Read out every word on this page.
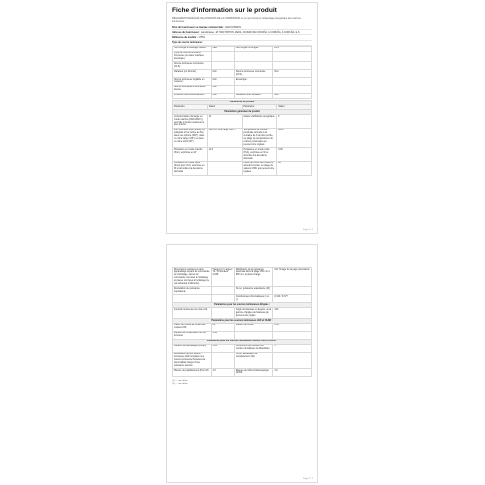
Fiche d'information sur le produit
RÈGLEMENT DÉLÉGUÉ (UE) 2019/2015 DE LA COMMISSION en ce qui concerne l'étiquetage énergétique des sources lumineuses
Nom du fournisseur ou marque commerciale : LED-KOSMOS
Adresse du fournisseur : Landstrasse, 18 7000 HIRTON, ZEDA, CIUDAD DE CORUÑA, A CORUÑA, A CORUÑA, E.S
Référence du modèle : 17551
Type de source lumineuse :
Technologie d'éclairage utilisée :	LED	Non dirigée ou dirigée :	DLS
Type de culot de la source lumineuse (ou autre interface électrique)			
Source lumineuse connectée (CLS) :			
Variateur (en dimmer) :	Non	Source lumineuse connectée (CLS) :	Non
Source lumineuse réglable en couleurs :	Non	Enveloppe :	
Source lumineuse à luminance élevée :	Non		
Protection anti-éblouissement :	Non	Utilisation avec variateur :	Non
Paramètres du produit			
Paramètre	Valeur	Paramètre	Valeur
Paramètres généraux du produit			
Consommation d'énergie en mode marche (kWh/1000 h), arrondie à l'entier supérieur le plus proche	11	Classe d'efficacité énergétique	F
Flux lumineux utile (Φutile), en indiquant s'il se réfère au flux dans une sphère (360°), dans un cône large (120°) ou dans un cône étroit (90°)	1410 en cône large (120°)	Température de couleur proximale arrondie à la centaine de K la plus proche, ou plage de températures de couleur proximales qui peuvent être réglées	3000
Puissance en mode marche (Pon), exprimée en W	11.0	Puissance en mode veille (Psb), exprimée en W et arrondie à la deuxième décimale	0.00
Puissance en mode veille (Pnet) pour CLS, exprimée en W et arrondie à la deuxième décimale		Indice de rendu des couleurs, arrondi à l'entier, ou plage de valeurs d'IRC qui peuvent être réglées	80
Page 1 / 2
Dimensions extérieures sans appareillage séparé de commande de l'éclairage, pièces de commande non liées à l'éclairage et pièces non liées à l'éclairage (le cas échéant) (millimètre)	Hauteur 0 / Largeur 72 / Profondeur 2,548	Distribution de la puissance spectrale dans la plage 250 nm à 800 nm, à pleine charge	Voir l'image de la page précédente
Déclaration de puissance équivalente		Si oui, puissance équivalente (W)	
		Coordonnées chromatiques (x et y)	0.344 / 0.377
Paramètres pour les sources lumineuses dirigées :			
Intensité lumineuse de crête (cd)		Angle de faisceau en degrés, ou la gamme d'angles de faisceau qui peuvent être réglés	120
Paramètres pour les sources lumineuses LED et OLED :			
Valeur de l'indice de rendu des couleurs R9	80	Facteur de survie	0.90
Facteur de conservation du flux lumineux	0.90		
Paramètres pour les sources lumineuses secteur LED et OLED :			
Facteur de déphasage (cos φ1)	0.80	Cohérence des couleurs en nombre de Ellipses de MacAdam	5
Déclaration qu'une source lumineuse LED remplace une source lumineuse fluorescente sans ballast intégré d'une puissance donnée		Si oui, déclaration de remplacement (W)	
Mesure de papillotement (Pst LM)	1.0	Mesure de l'effet stroboscopique (SVM)	1.0
(1) — non défini
(2) — non défini
Page 2 / 2
